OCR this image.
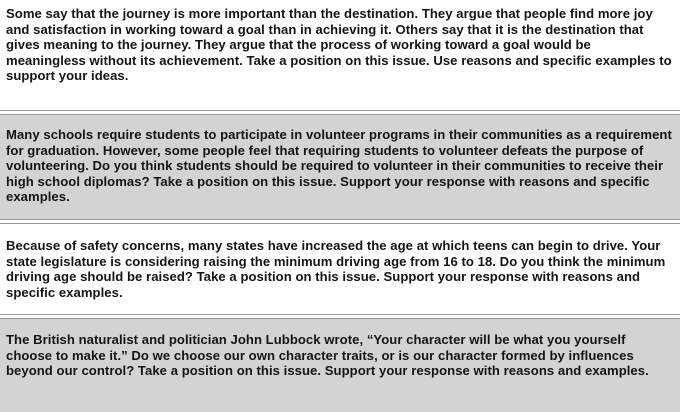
Some say that the journey is more important than the destination. They argue that people find more joy and satisfaction in working toward a goal than in achieving it. Others say that it is the destination that gives meaning to the journey. They argue that the process of working toward a goal would be meaningless without its achievement. Take a position on this issue. Use reasons and specific examples to support your ideas.

Many schools require students to participate in volunteer programs in their communities as a requirement for graduation. However, some people feel that requiring students to volunteer defeats the purpose of volunteering. Do you think students should be required to volunteer in their communities to receive their high school diplomas? Take a position on this issue. Support your response with reasons and specific examples.

Because of safety concerns, many states have increased the age at which teens can begin to drive. Your state legislature is considering raising the minimum driving age from 16 to 18. Do you think the minimum driving age should be raised? Take a position on this issue. Support your response with reasons and specific examples.

The British naturalist and politician John Lubbock wrote, “Your character will be what you yourself choose to make it.” Do we choose our own character traits, or is our character formed by influences beyond our control? Take a position on this issue. Support your response with reasons and examples.
